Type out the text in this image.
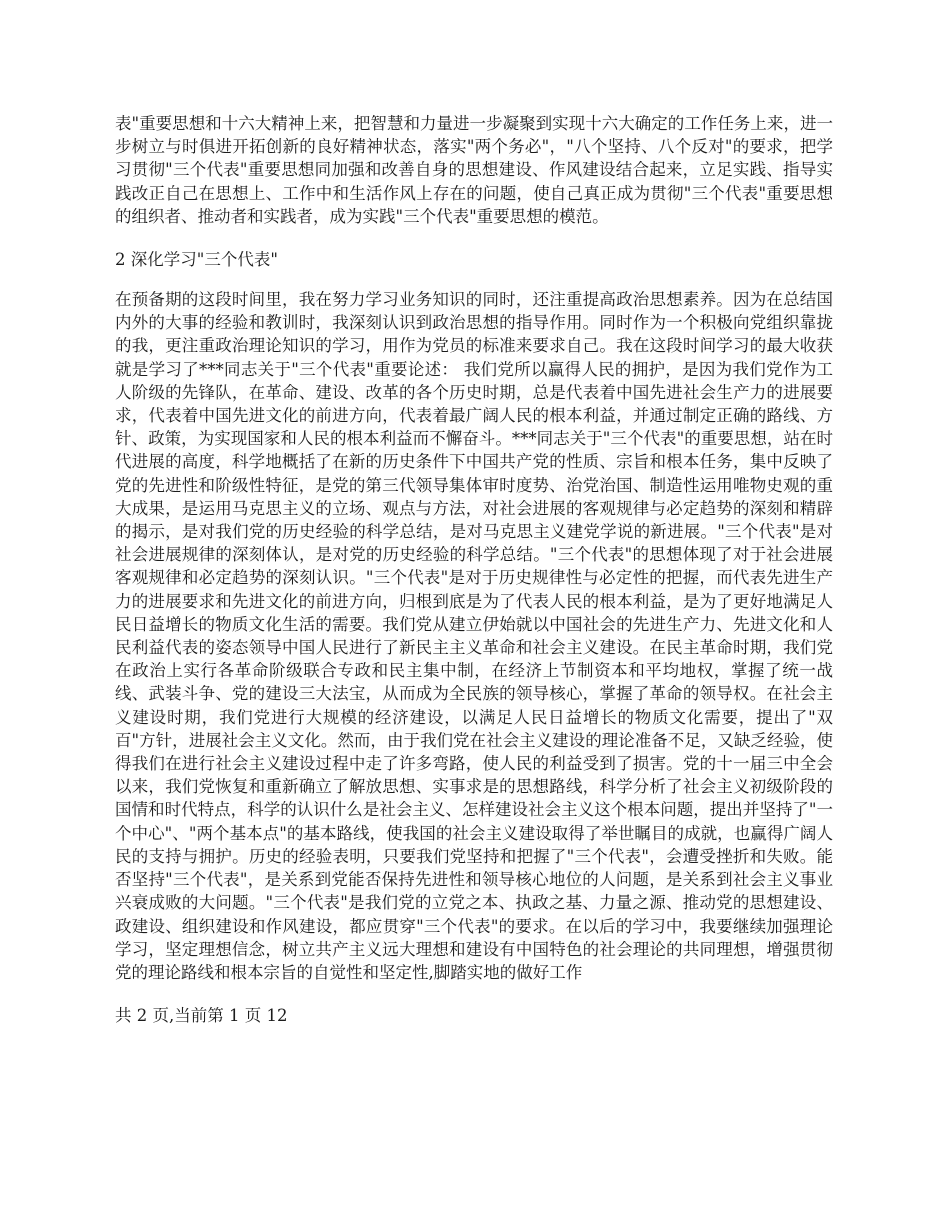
表"重要思想和十六大精神上来，把智慧和力量进一步凝聚到实现十六大确定的工作任务上来，进一步树立与时俱进开拓创新的良好精神状态，落实"两个务必"，"八个坚持、八个反对"的要求，把学习贯彻"三个代表"重要思想同加强和改善自身的思想建设、作风建设结合起来，立足实践、指导实践改正自己在思想上、工作中和生活作风上存在的问题，使自己真正成为贯彻"三个代表"重要思想的组织者、推动者和实践者，成为实践"三个代表"重要思想的模范。

2 深化学习"三个代表"

在预备期的这段时间里，我在努力学习业务知识的同时，还注重提高政治思想素养。因为在总结国内外的大事的经验和教训时，我深刻认识到政治思想的指导作用。同时作为一个积极向党组织靠拢的我，更注重政治理论知识的学习，用作为党员的标准来要求自己。我在这段时间学习的最大收获就是学习了***同志关于"三个代表"重要论述： 我们党所以赢得人民的拥护，是因为我们党作为工人阶级的先锋队，在革命、建设、改革的各个历史时期，总是代表着中国先进社会生产力的进展要求，代表着中国先进文化的前进方向，代表着最广阔人民的根本利益，并通过制定正确的路线、方针、政策，为实现国家和人民的根本利益而不懈奋斗。***同志关于"三个代表"的重要思想，站在时代进展的高度，科学地概括了在新的历史条件下中国共产党的性质、宗旨和根本任务，集中反映了党的先进性和阶级性特征，是党的第三代领导集体审时度势、治党治国、制造性运用唯物史观的重大成果，是运用马克思主义的立场、观点与方法，对社会进展的客观规律与必定趋势的深刻和精辟的揭示，是对我们党的历史经验的科学总结，是对马克思主义建党学说的新进展。"三个代表"是对社会进展规律的深刻体认，是对党的历史经验的科学总结。"三个代表"的思想体现了对于社会进展客观规律和必定趋势的深刻认识。"三个代表"是对于历史规律性与必定性的把握，而代表先进生产力的进展要求和先进文化的前进方向，归根到底是为了代表人民的根本利益，是为了更好地满足人民日益增长的物质文化生活的需要。我们党从建立伊始就以中国社会的先进生产力、先进文化和人民利益代表的姿态领导中国人民进行了新民主主义革命和社会主义建设。在民主革命时期，我们党在政治上实行各革命阶级联合专政和民主集中制，在经济上节制资本和平均地权，掌握了统一战线、武装斗争、党的建设三大法宝，从而成为全民族的领导核心，掌握了革命的领导权。在社会主义建设时期，我们党进行大规模的经济建设，以满足人民日益增长的物质文化需要，提出了"双百"方针，进展社会主义文化。然而，由于我们党在社会主义建设的理论准备不足，又缺乏经验，使得我们在进行社会主义建设过程中走了许多弯路，使人民的利益受到了损害。党的十一届三中全会以来，我们党恢复和重新确立了解放思想、实事求是的思想路线，科学分析了社会主义初级阶段的国情和时代特点，科学的认识什么是社会主义、怎样建设社会主义这个根本问题，提出并坚持了"一个中心"、"两个基本点"的基本路线，使我国的社会主义建设取得了举世瞩目的成就，也赢得广阔人民的支持与拥护。历史的经验表明，只要我们党坚持和把握了"三个代表"，会遭受挫折和失败。能否坚持"三个代表"，是关系到党能否保持先进性和领导核心地位的人问题，是关系到社会主义事业兴衰成败的大问题。"三个代表"是我们党的立党之本、执政之基、力量之源、推动党的思想建设、政建设、组织建设和作风建设，都应贯穿"三个代表"的要求。在以后的学习中，我要继续加强理论学习，坚定理想信念，树立共产主义远大理想和建设有中国特色的社会理论的共同理想，增强贯彻党的理论路线和根本宗旨的自觉性和坚定性,脚踏实地的做好工作

共 2 页,当前第 1 页 12
